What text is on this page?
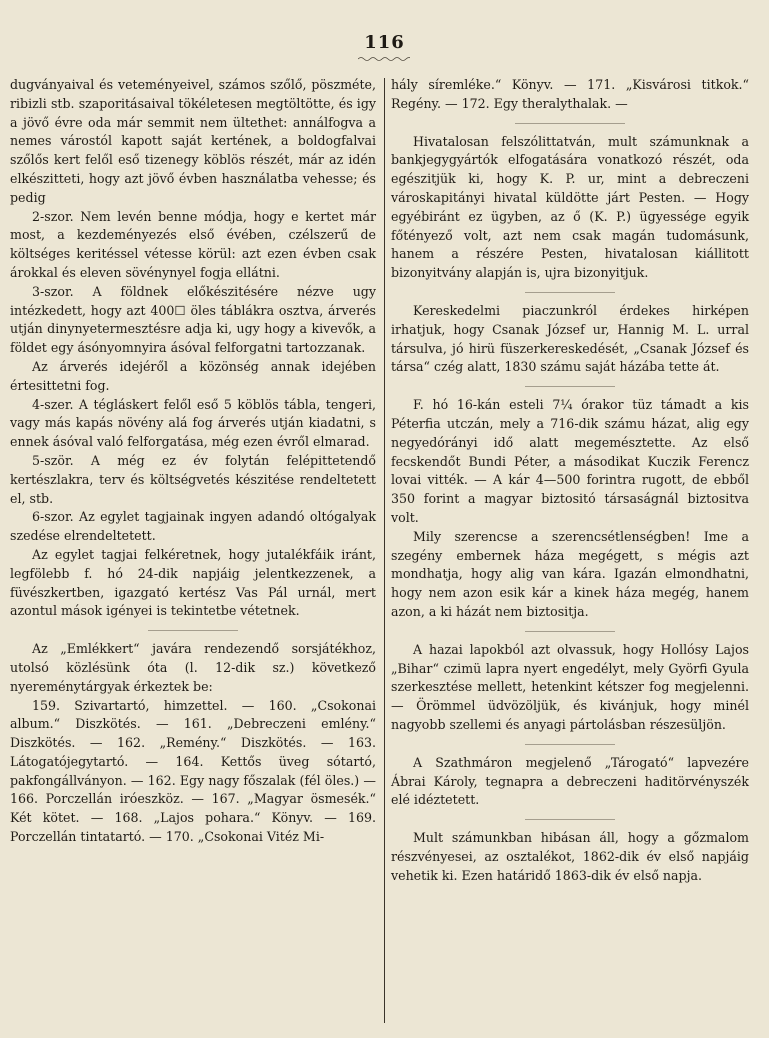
116

dugványaival és veteményeivel, számos szőlő, pöszméte, ribizli stb. szaporitásaival tökéletesen megtöltötte, és igy a jövő évre oda már semmit nem ültethet: annálfogva a nemes várostól kapott saját kertének, a boldogfalvai szőlős kert felől eső tizenegy köblös részét, már az idén elkészitteti, hogy azt jövő évben használatba vehesse; és pedig

2-szor. Nem levén benne módja, hogy e kertet már most, a kezdeményezés első évében, czélszerű de költséges keritéssel vétesse körül: azt ezen évben csak árokkal és eleven sövénynyel fogja ellátni.

3-szor. A földnek előkészitésére nézve ugy intézkedett, hogy azt 400☐ öles táblákra osztva, árverés utján dinynyetermesztésre adja ki, ugy hogy a kivevők, a földet egy ásónyomnyira ásóval felforgatni tartozzanak.

Az árverés idejéről a közönség annak idejében értesittetni fog.

4-szer. A tégláskert felől eső 5 köblös tábla, tengeri, vagy más kapás növény alá fog árverés utján kiadatni, s ennek ásóval való felforgatása, még ezen évről elmarad.

5-ször. A még ez év folytán felépittetendő kertészlakra, terv és költségvetés készitése rendeltetett el, stb.

6-szor. Az egylet tagjainak ingyen adandó oltógalyak szedése elrendeltetett.

Az egylet tagjai felkéretnek, hogy jutalékfáik iránt, legfölebb f. hó 24-dik napjáig jelentkezzenek, a füvészkertben, igazgató kertész Vas Pál urnál, mert azontul mások igényei is tekintetbe vétetnek.

Az „Emlékkert“ javára rendezendő sorsjátékhoz, utolsó közlésünk óta (l. 12-dik sz.) következő nyereménytárgyak érkeztek be:

159. Szivartartó, himzettel. — 160. „Csokonai album.“ Diszkötés. — 161. „Debreczeni emlény.“ Diszkötés. — 162. „Remény.“ Diszkötés. — 163. Látogatójegytartó. — 164. Kettős üveg sótartó, pakfongállványon. — 162. Egy nagy főszalak (fél öles.) — 166. Porczellán iróeszköz. — 167. „Magyar ösmesék.“ Két kötet. — 168. „Lajos pohara.“ Könyv. — 169. Porczellán tintatartó. — 170. „Csokonai Vitéz Mi-

hály síremléke.“ Könyv. — 171. „Kisvárosi titkok.“ Regény. — 172. Egy theralythalak. —

Hivatalosan felszólittatván, mult számunknak a bankjegygyártók elfogatására vonatkozó részét, oda egészitjük ki, hogy K. P. ur, mint a debreczeni városkapitányi hivatal küldötte járt Pesten. — Hogy egyébiránt ez ügyben, az ő (K. P.) ügyessége egyik főtényező volt, azt nem csak magán tudomásunk, hanem a részére Pesten, hivatalosan kiállitott bizonyitvány alapján is, ujra bizonyitjuk.

Kereskedelmi piaczunkról érdekes hirképen irhatjuk, hogy Csanak József ur, Hannig M. L. urral társulva, jó hirü füszerkereskedését, „Csanak József és társa“ czég alatt, 1830 számu saját házába tette át.

F. hó 16-kán esteli 7¼ órakor tüz támadt a kis Péterfia utczán, mely a 716-dik számu házat, alig egy negyedórányi idő alatt megemésztette. Az első fecskendőt Bundi Péter, a másodikat Kuczik Ferencz lovai vitték. — A kár 4—500 forintra rugott, de ebből 350 forint a magyar biztositó társaságnál biztositva volt.

Mily szerencse a szerencsétlenségben! Ime a szegény embernek háza megégett, s mégis azt mondhatja, hogy alig van kára. Igazán elmondhatni, hogy nem azon esik kár a kinek háza megég, hanem azon, a ki házát nem biztositja.

A hazai lapokból azt olvassuk, hogy Hollósy Lajos „Bihar“ czimü lapra nyert engedélyt, mely Györfi Gyula szerkesztése mellett, hetenkint kétszer fog megjelenni.— Örömmel üdvözöljük, és kivánjuk, hogy minél nagyobb szellemi és anyagi pártolásban részesüljön.

A Szathmáron megjelenő „Tárogató“ lapvezére Ábrai Károly, tegnapra a debreczeni haditörvényszék elé idéztetett.

Mult számunkban hibásan áll, hogy a gőzmalom részvényesei, az osztalékot, 1862-dik év első napjáig vehetik ki. Ezen határidő 1863-dik év első napja.
